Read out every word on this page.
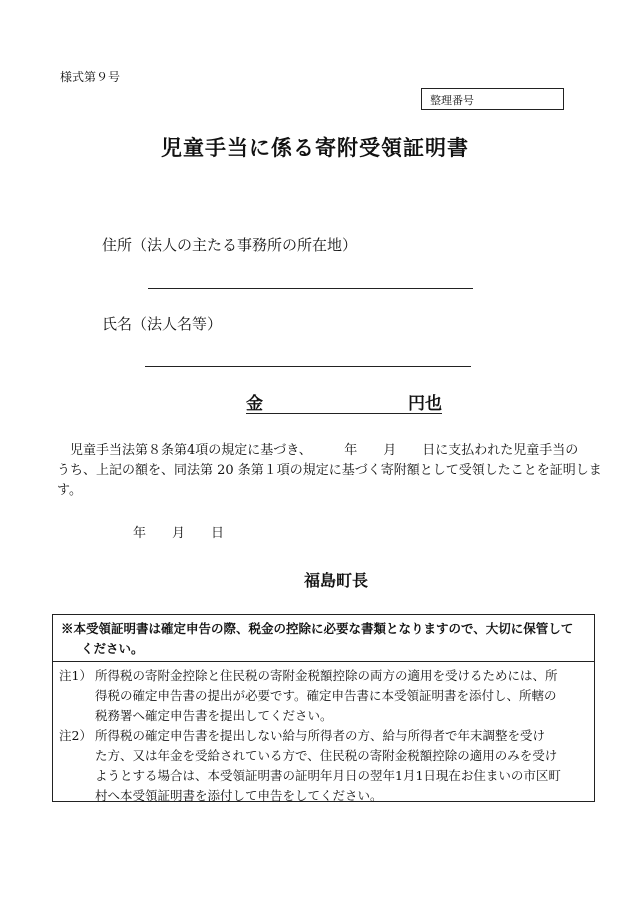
様式第９号
整理番号
児童手当に係る寄附受領証明書
住所（法人の主たる事務所の所在地）
氏名（法人名等）
金	円也

　児童手当法第８条第4項の規定に基づき、　　　年　　月　　日に支払われた児童手当の

うち、上記の額を、同法第 20 条第１項の規定に基づく寄附額として受領したことを証明しま

す。

年　　月　　日
福島町長
※本受領証明書は確定申告の際、税金の控除に必要な書類となりますので、大切に保管して
ください。
注1） 所得税の寄附金控除と住民税の寄附金税額控除の両方の適用を受けるためには、所
得税の確定申告書の提出が必要です。確定申告書に本受領証明書を添付し、所轄の
税務署へ確定申告書を提出してください。
注2） 所得税の確定申告書を提出しない給与所得者の方、給与所得者で年末調整を受け
た方、又は年金を受給されている方で、住民税の寄附金税額控除の適用のみを受け
ようとする場合は、本受領証明書の証明年月日の翌年1月1日現在お住まいの市区町
村へ本受領証明書を添付して申告をしてください。
